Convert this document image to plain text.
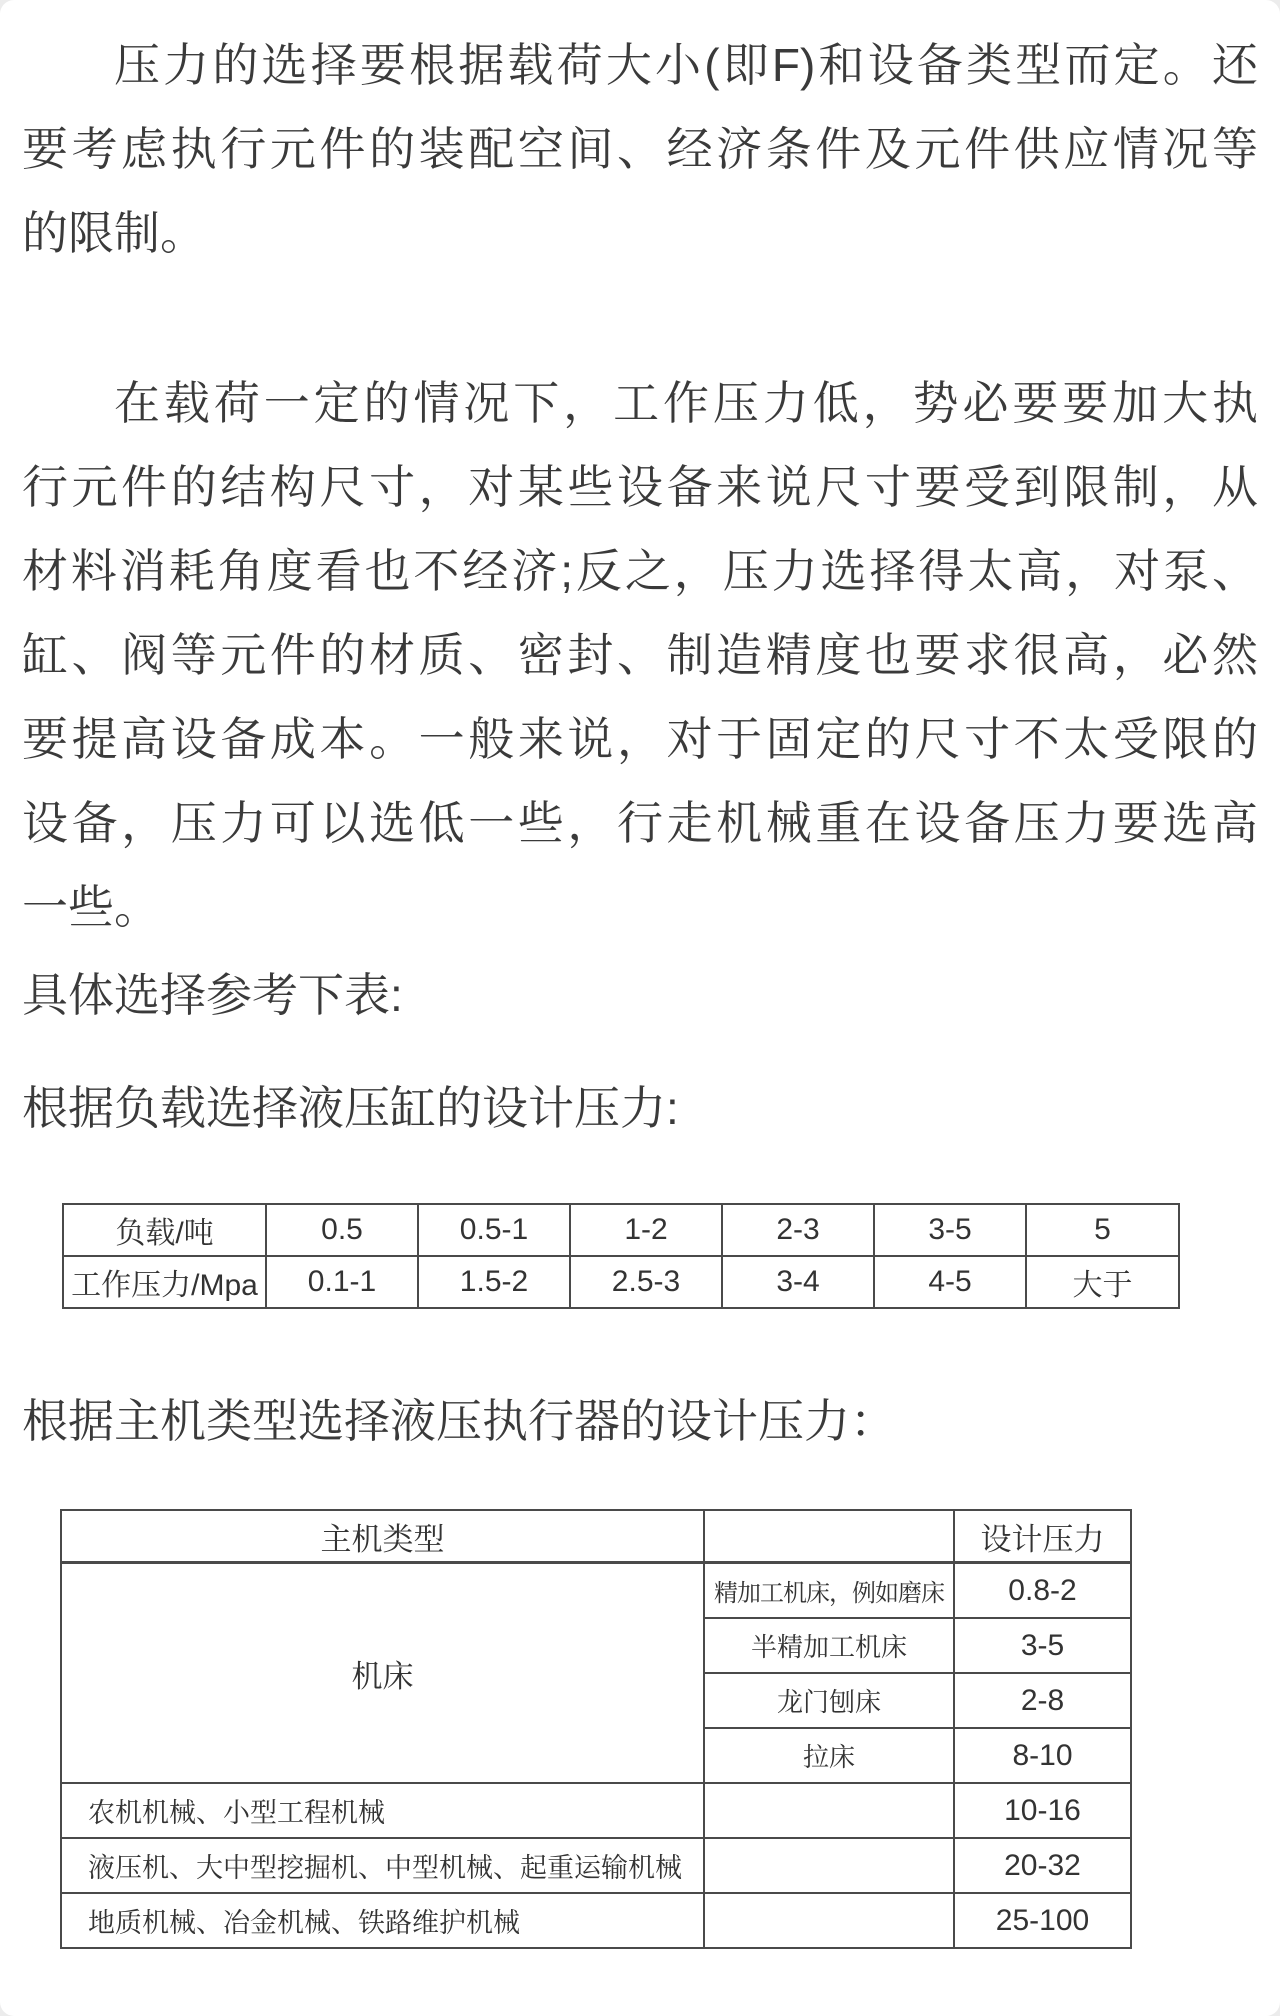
压力的选择要根据载荷大小(即F)和设备类型而定。还
要考虑执行元件的装配空间、经济条件及元件供应情况等
的限制。
在载荷一定的情况下，工作压力低，势必要要加大执
行元件的结构尺寸，对某些设备来说尺寸要受到限制，从
材料消耗角度看也不经济;反之，压力选择得太高，对泵、
缸、阀等元件的材质、密封、制造精度也要求很高，必然
要提高设备成本。一般来说，对于固定的尺寸不太受限的
设备，压力可以选低一些，行走机械重在设备压力要选高
一些。
具体选择参考下表:
根据负载选择液压缸的设计压力:
负载/吨	0.5	0.5-1	1-2	2-3	3-5	5
工作压力/Mpa	0.1-1	1.5-2	2.5-3	3-4	4-5	大于
根据主机类型选择液压执行器的设计压力：
主机类型		设计压力
机床	精加工机床，例如磨床	0.8-2
	半精加工机床	3-5
	龙门刨床	2-8
	拉床	8-10
农机机械、小型工程机械		10-16
液压机、大中型挖掘机、中型机械、起重运输机械		20-32
地质机械、冶金机械、铁路维护机械		25-100
